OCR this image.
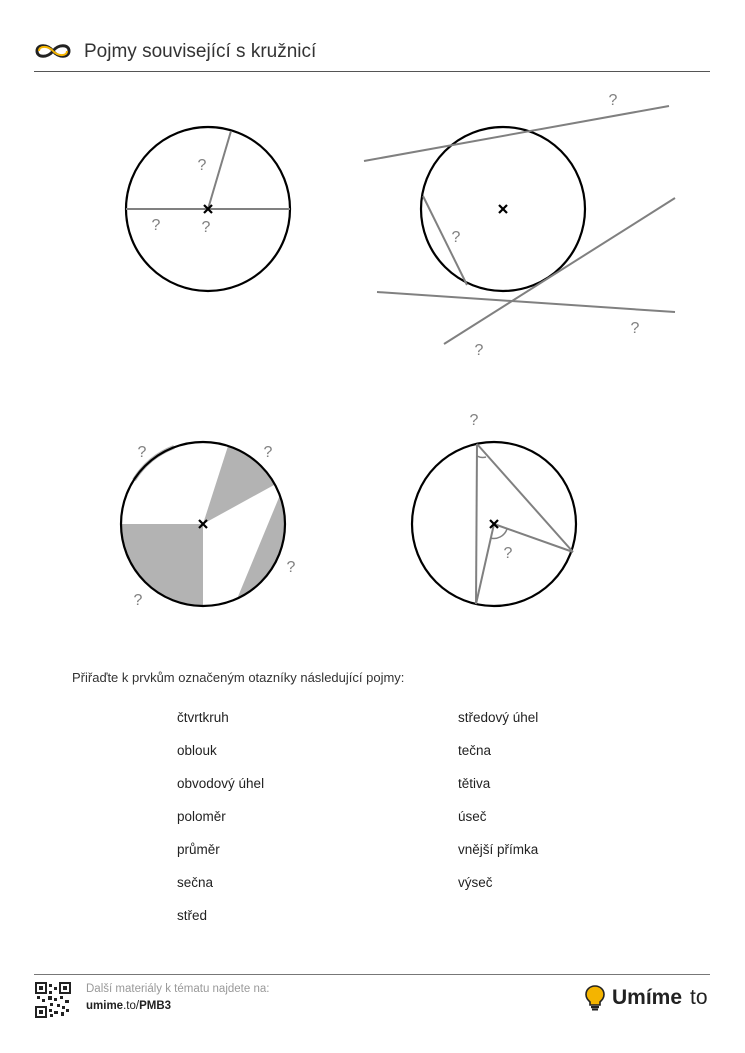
Pojmy související s kružnicí
?
?	?
?
?
?
?
?	?
?
?
?
?
Přiřaďte k prvkům označeným otazníky následující pojmy:
čtvrtkruh
oblouk
obvodový úhel
poloměr
průměr
sečna
střed
středový úhel
tečna
tětiva
úseč
vnější přímka
výseč
Další materiály k tématu najdete na:
umime.to/PMB3	Umíme to
